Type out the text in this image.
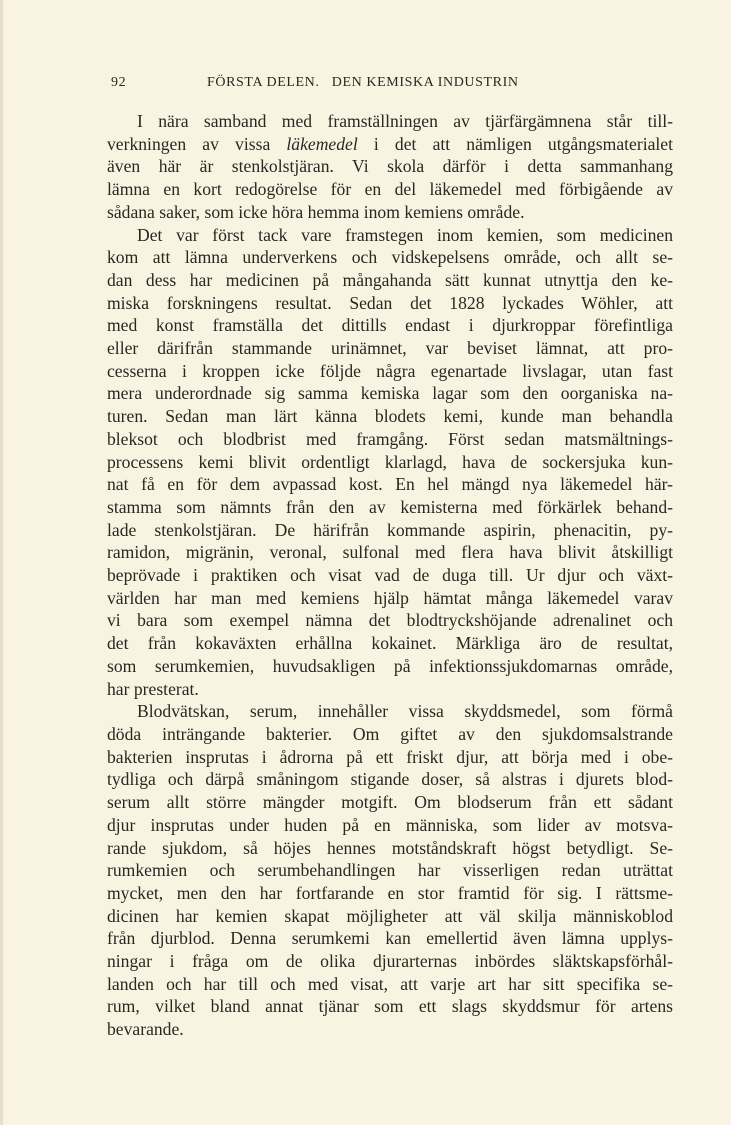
92	FÖRSTA DELEN.   DEN KEMISKA INDUSTRIN
I nära samband med framställningen av tjärfärgämnena står till-
verkningen av vissa läkemedel i det att nämligen utgångsmaterialet
även här är stenkolstjäran. Vi skola därför i detta sammanhang
lämna en kort redogörelse för en del läkemedel med förbigående av
sådana saker, som icke höra hemma inom kemiens område.
Det var först tack vare framstegen inom kemien, som medicinen
kom att lämna underverkens och vidskepelsens område, och allt se-
dan dess har medicinen på mångahanda sätt kunnat utnyttja den ke-
miska forskningens resultat. Sedan det 1828 lyckades Wöhler, att
med konst framställa det dittills endast i djurkroppar förefintliga
eller därifrån stammande urinämnet, var beviset lämnat, att pro-
cesserna i kroppen icke följde några egenartade livslagar, utan fast
mera underordnade sig samma kemiska lagar som den oorganiska na-
turen. Sedan man lärt känna blodets kemi, kunde man behandla
bleksot och blodbrist med framgång. Först sedan matsmältnings-
processens kemi blivit ordentligt klarlagd, hava de sockersjuka kun-
nat få en för dem avpassad kost. En hel mängd nya läkemedel här-
stamma som nämnts från den av kemisterna med förkärlek behand-
lade stenkolstjäran. De härifrån kommande aspirin, phenacitin, py-
ramidon, migränin, veronal, sulfonal med flera hava blivit åtskilligt
beprövade i praktiken och visat vad de duga till. Ur djur och växt-
världen har man med kemiens hjälp hämtat många läkemedel varav
vi bara som exempel nämna det blodtryckshöjande adrenalinet och
det från kokaväxten erhållna kokainet. Märkliga äro de resultat,
som serumkemien, huvudsakligen på infektionssjukdomarnas område,
har presterat.
Blodvätskan, serum, innehåller vissa skyddsmedel, som förmå
döda inträngande bakterier. Om giftet av den sjukdomsalstrande
bakterien insprutas i ådrorna på ett friskt djur, att börja med i obe-
tydliga och därpå småningom stigande doser, så alstras i djurets blod-
serum allt större mängder motgift. Om blodserum från ett sådant
djur insprutas under huden på en människa, som lider av motsva-
rande sjukdom, så höjes hennes motståndskraft högst betydligt. Se-
rumkemien och serumbehandlingen har visserligen redan uträttat
mycket, men den har fortfarande en stor framtid för sig. I rättsme-
dicinen har kemien skapat möjligheter att väl skilja människoblod
från djurblod. Denna serumkemi kan emellertid även lämna upplys-
ningar i fråga om de olika djurarternas inbördes släktskapsförhål-
landen och har till och med visat, att varje art har sitt specifika se-
rum, vilket bland annat tjänar som ett slags skyddsmur för artens
bevarande.
